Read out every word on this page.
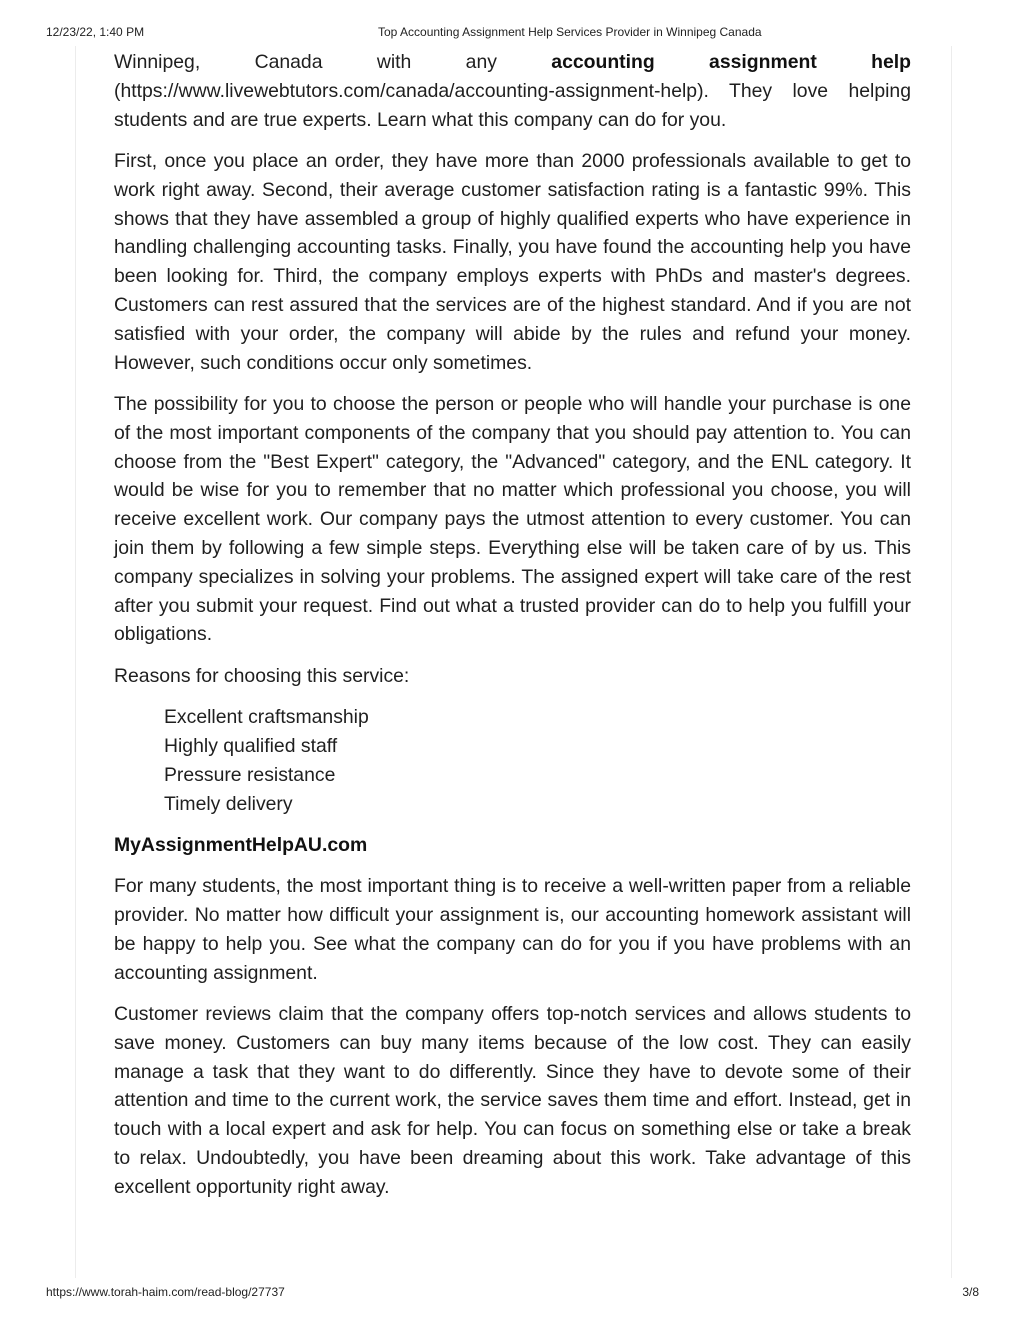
12/23/22, 1:40 PM	Top Accounting Assignment Help Services Provider in Winnipeg Canada

Winnipeg, Canada with any accounting assignment help (https://www.livewebtutors.com/canada/accounting-assignment-help). They love helping students and are true experts. Learn what this company can do for you.

First, once you place an order, they have more than 2000 professionals available to get to work right away. Second, their average customer satisfaction rating is a fantastic 99%. This shows that they have assembled a group of highly qualified experts who have experience in handling challenging accounting tasks. Finally, you have found the accounting help you have been looking for. Third, the company employs experts with PhDs and master's degrees. Customers can rest assured that the services are of the highest standard. And if you are not satisfied with your order, the company will abide by the rules and refund your money. However, such conditions occur only sometimes.

The possibility for you to choose the person or people who will handle your purchase is one of the most important components of the company that you should pay attention to. You can choose from the "Best Expert" category, the "Advanced" category, and the ENL category. It would be wise for you to remember that no matter which professional you choose, you will receive excellent work. Our company pays the utmost attention to every customer. You can join them by following a few simple steps. Everything else will be taken care of by us. This company specializes in solving your problems. The assigned expert will take care of the rest after you submit your request. Find out what a trusted provider can do to help you fulfill your obligations.

Reasons for choosing this service:

Excellent craftsmanship
Highly qualified staff
Pressure resistance
Timely delivery
MyAssignmentHelpAU.com

For many students, the most important thing is to receive a well-written paper from a reliable provider. No matter how difficult your assignment is, our accounting homework assistant will be happy to help you. See what the company can do for you if you have problems with an accounting assignment.

Customer reviews claim that the company offers top-notch services and allows students to save money. Customers can buy many items because of the low cost. They can easily manage a task that they want to do differently. Since they have to devote some of their attention and time to the current work, the service saves them time and effort. Instead, get in touch with a local expert and ask for help. You can focus on something else or take a break to relax. Undoubtedly, you have been dreaming about this work. Take advantage of this excellent opportunity right away.

https://www.torah-haim.com/read-blog/27737	3/8
